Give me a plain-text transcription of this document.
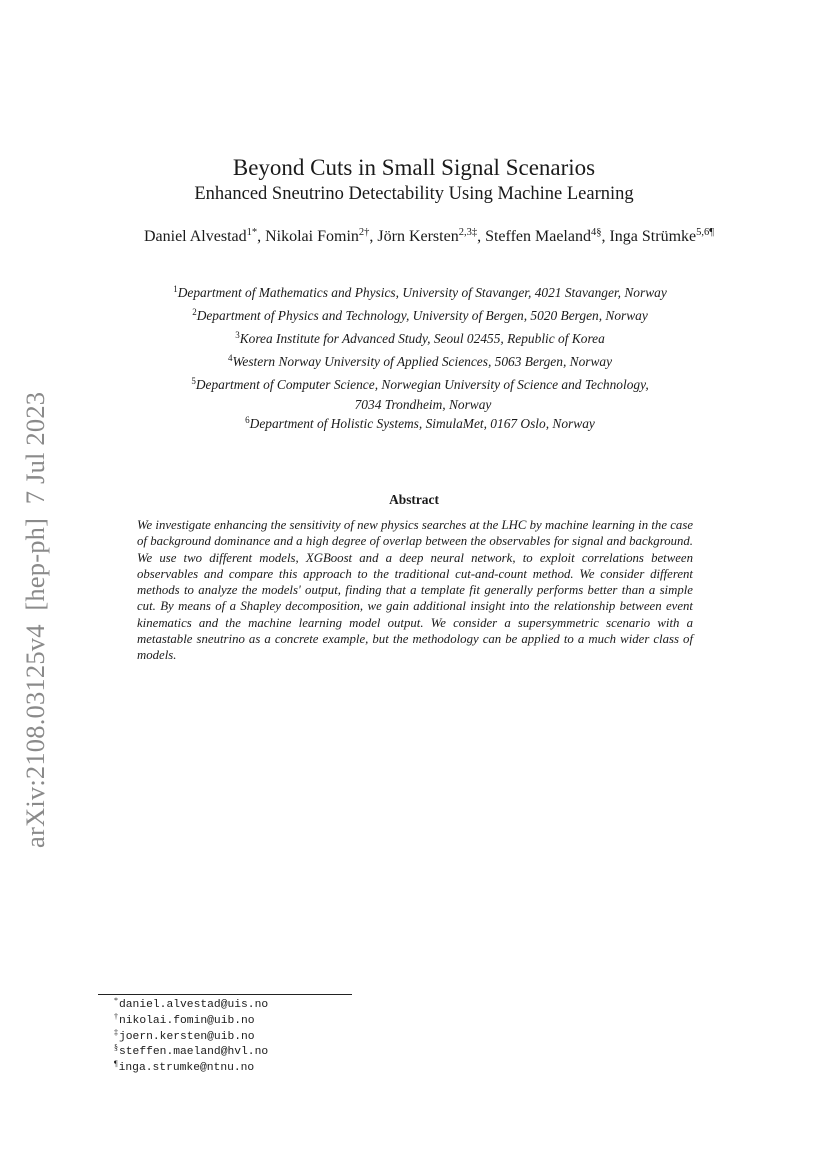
arXiv:2108.03125v4  [hep-ph]  7 Jul 2023
Beyond Cuts in Small Signal Scenarios
Enhanced Sneutrino Detectability Using Machine Learning
Daniel Alvestad$^{1*}$, Nikolai Fomin$^{2\dagger}$, Jörn Kersten$^{2,3\ddagger}$, Steffen Maeland$^{4\S}$, Inga Strümke$^{5,6\P}$
$^1$Department of Mathematics and Physics, University of Stavanger, 4021 Stavanger, Norway
$^2$Department of Physics and Technology, University of Bergen, 5020 Bergen, Norway
$^3$Korea Institute for Advanced Study, Seoul 02455, Republic of Korea
$^4$Western Norway University of Applied Sciences, 5063 Bergen, Norway
$^5$Department of Computer Science, Norwegian University of Science and Technology,
7034 Trondheim, Norway
$^6$Department of Holistic Systems, SimulaMet, 0167 Oslo, Norway
Abstract
We investigate enhancing the sensitivity of new physics searches at the LHC by machine learning in the case of background dominance and a high degree of overlap between the observables for signal and background. We use two different models, XGBoost and a deep neural network, to exploit correlations between observables and compare this approach to the traditional cut-and-count method. We consider different methods to analyze the models' output, finding that a template fit generally performs better than a simple cut. By means of a Shapley decomposition, we gain additional insight into the relationship between event kinematics and the machine learning model output. We consider a supersymmetric scenario with a metastable sneutrino as a concrete example, but the methodology can be applied to a much wider class of models.
*daniel.alvestad@uis.no
†nikolai.fomin@uib.no
‡joern.kersten@uib.no
§steffen.maeland@hvl.no
¶inga.strumke@ntnu.no
